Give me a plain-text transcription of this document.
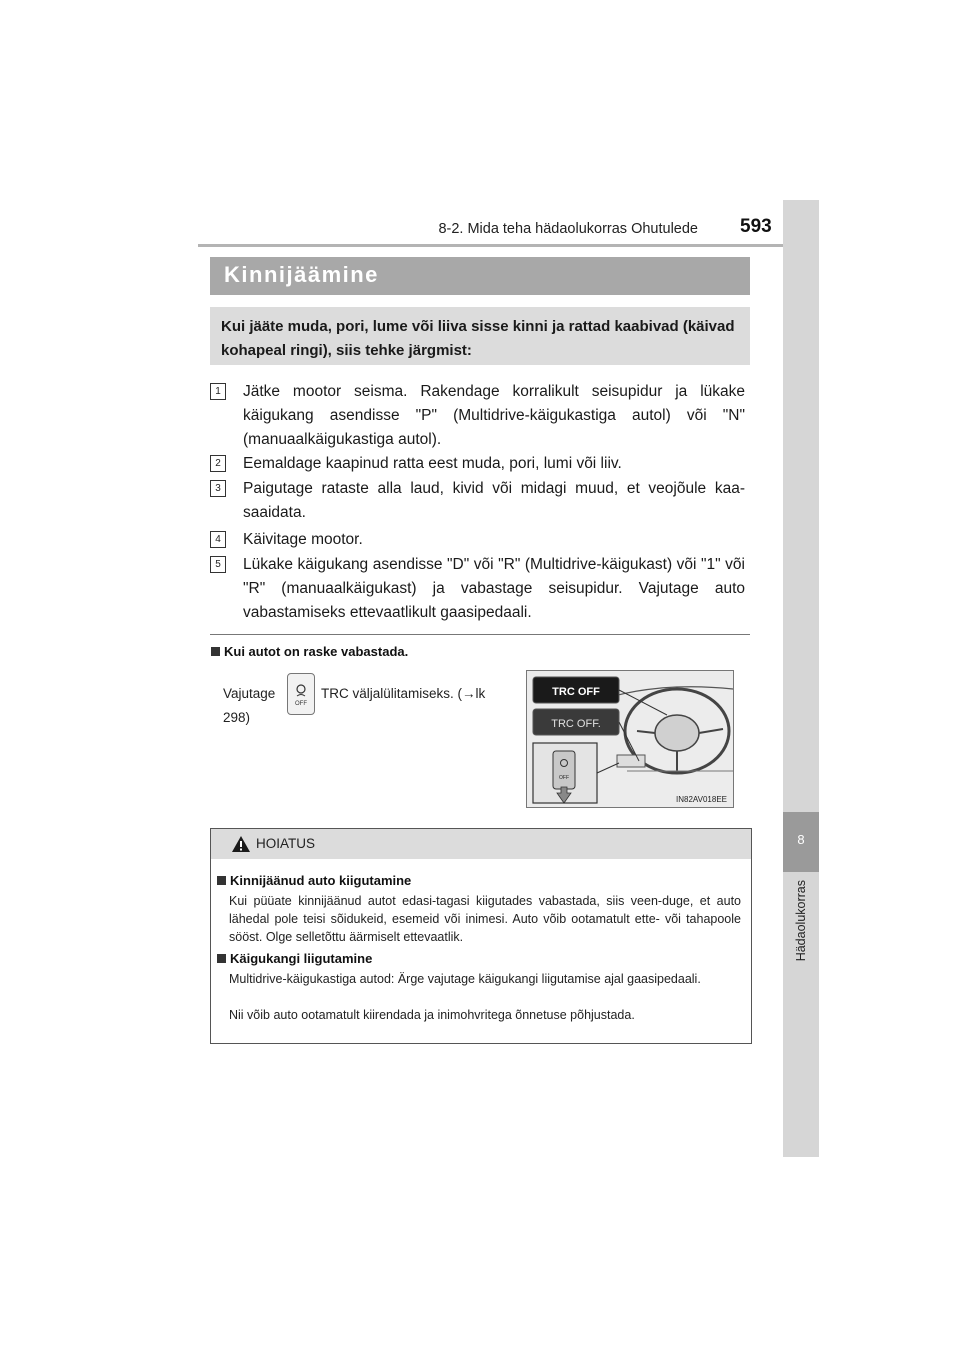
8-2. Mida teha hädaolukorras Ohutulede 593
8
Hädaolukorras
Kinnijäämine
Kui jääte muda, pori, lume või liiva sisse kinni ja rattad kaabivad (käivad kohapeal ringi), siis tehke järgmist:
1	Jätke mootor seisma. Rakendage korralikult seisupidur ja lükake käigukang asendisse "P" (Multidrive-käigukastiga autol) või "N" (manuaalkäigukastiga autol).
2	Eemaldage kaapinud ratta eest muda, pori, lumi või liiv.
3	Paigutage rataste alla laud, kivid või midagi muud, et veojõule kaa-saaidata.
4	Käivitage mootor.
5	Lükake käigukang asendisse "D" või "R" (Multidrive-käigukast) või "1" või "R" (manuaalkäigukast) ja vabastage seisupidur. Vajutage auto vabastamiseks ettevaatlikult gaasipedaali.
Kui autot on raske vabastada.
Vajutage
OFF
TRC väljalülitamiseks. (→lk
298)
TRC OFF
TRC OFF.
OFF
IN82AV018EE
HOIATUS
Kinnijäänud auto kiigutamine
Kui püüate kinnijäänud autot edasi-tagasi kiigutades vabastada, siis veen-duge, et auto lähedal pole teisi sõidukeid, esemeid või inimesi. Auto võib ootamatult ette- või tahapoole sööst. Olge selletõttu äärmiselt ettevaatlik.
Käigukangi liigutamine
Multidrive-käigukastiga autod: Ärge vajutage käigukangi liigutamise ajal gaasipedaali.
Nii võib auto ootamatult kiirendada ja inimohvritega õnnetuse põhjustada.
